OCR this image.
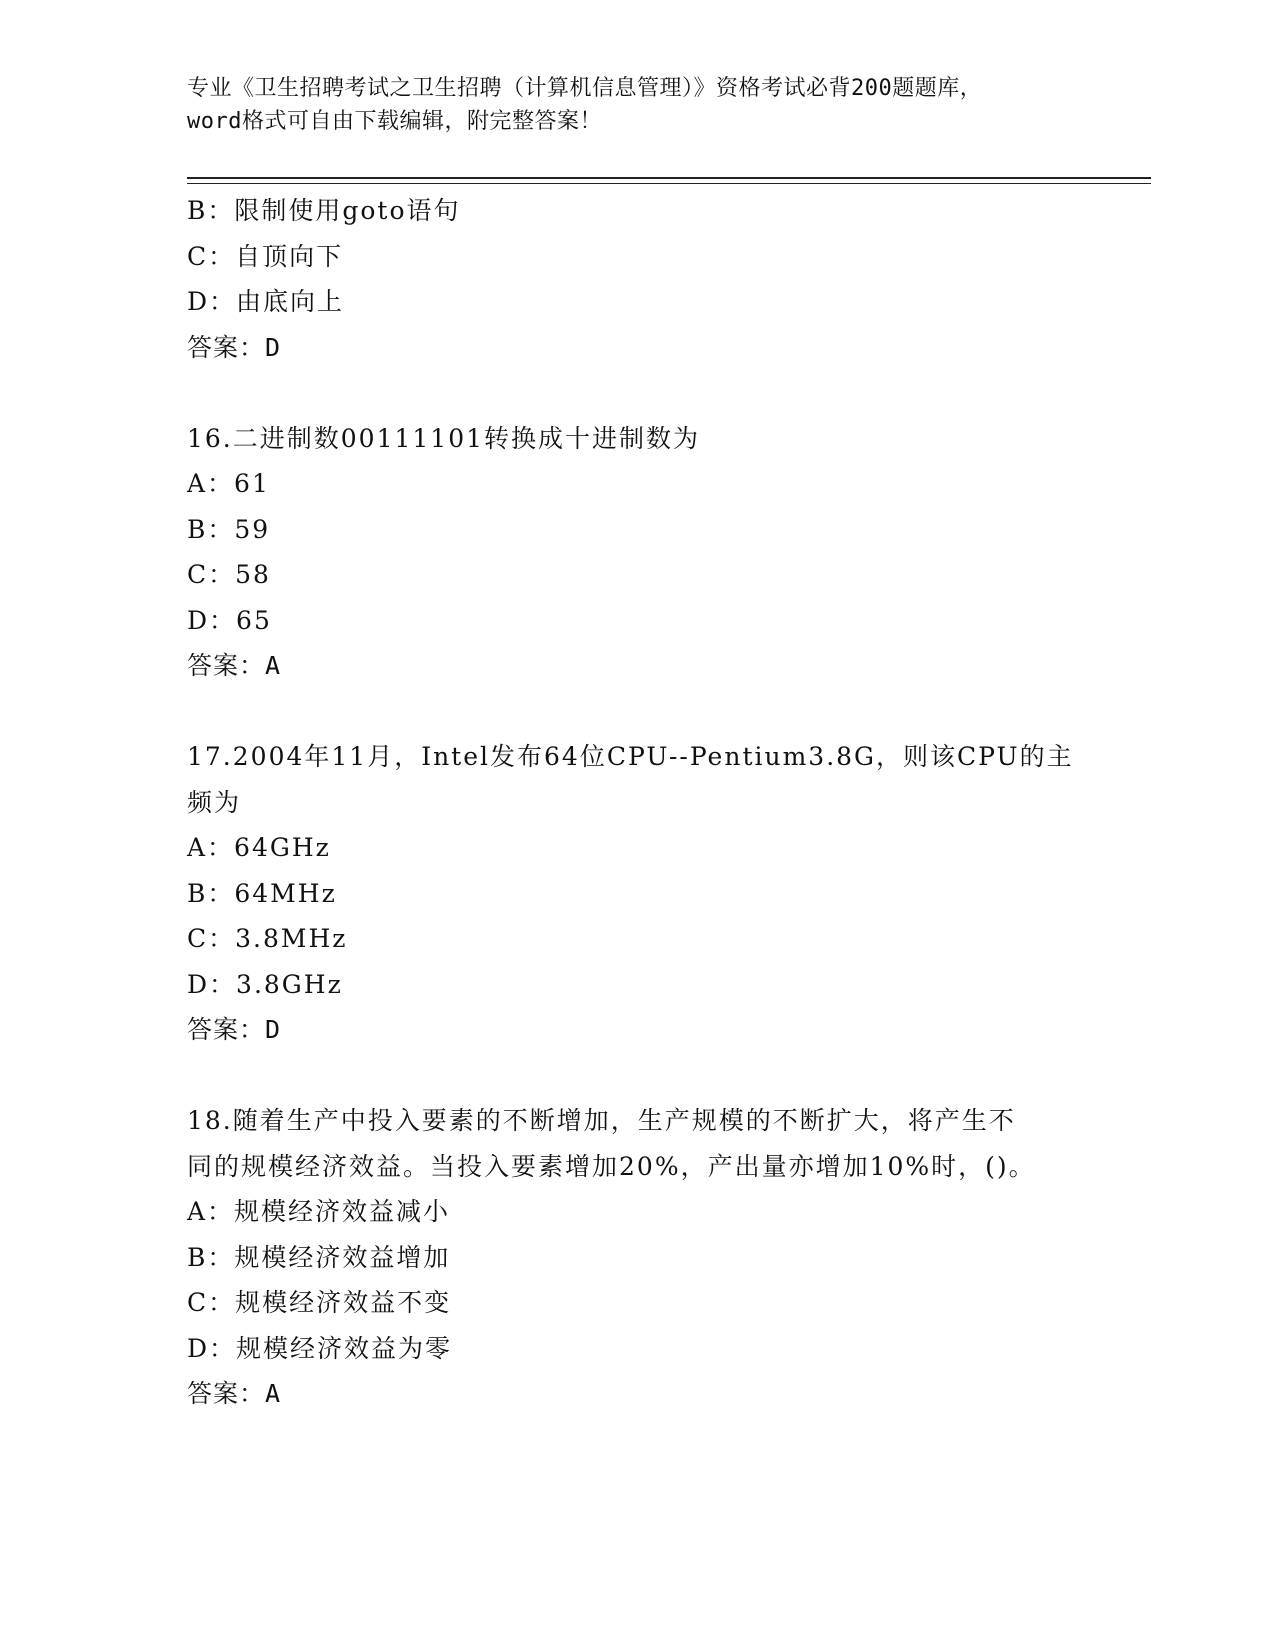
专业《卫生招聘考试之卫生招聘（计算机信息管理）》资格考试必背200题题库，
word格式可自由下载编辑，附完整答案！
B：限制使用goto语句
C：自顶向下
D：由底向上
答案：D
16.二进制数00111101转换成十进制数为
A：61
B：59
C：58
D：65
答案：A
17.2004年11月，Intel发布64位CPU--Pentium3.8G，则该CPU的主
频为
A：64GHz
B：64MHz
C：3.8MHz
D：3.8GHz
答案：D
18.随着生产中投入要素的不断增加，生产规模的不断扩大，将产生不
同的规模经济效益。当投入要素增加20%，产出量亦增加10%时，()。
A：规模经济效益减小
B：规模经济效益增加
C：规模经济效益不变
D：规模经济效益为零
答案：A
